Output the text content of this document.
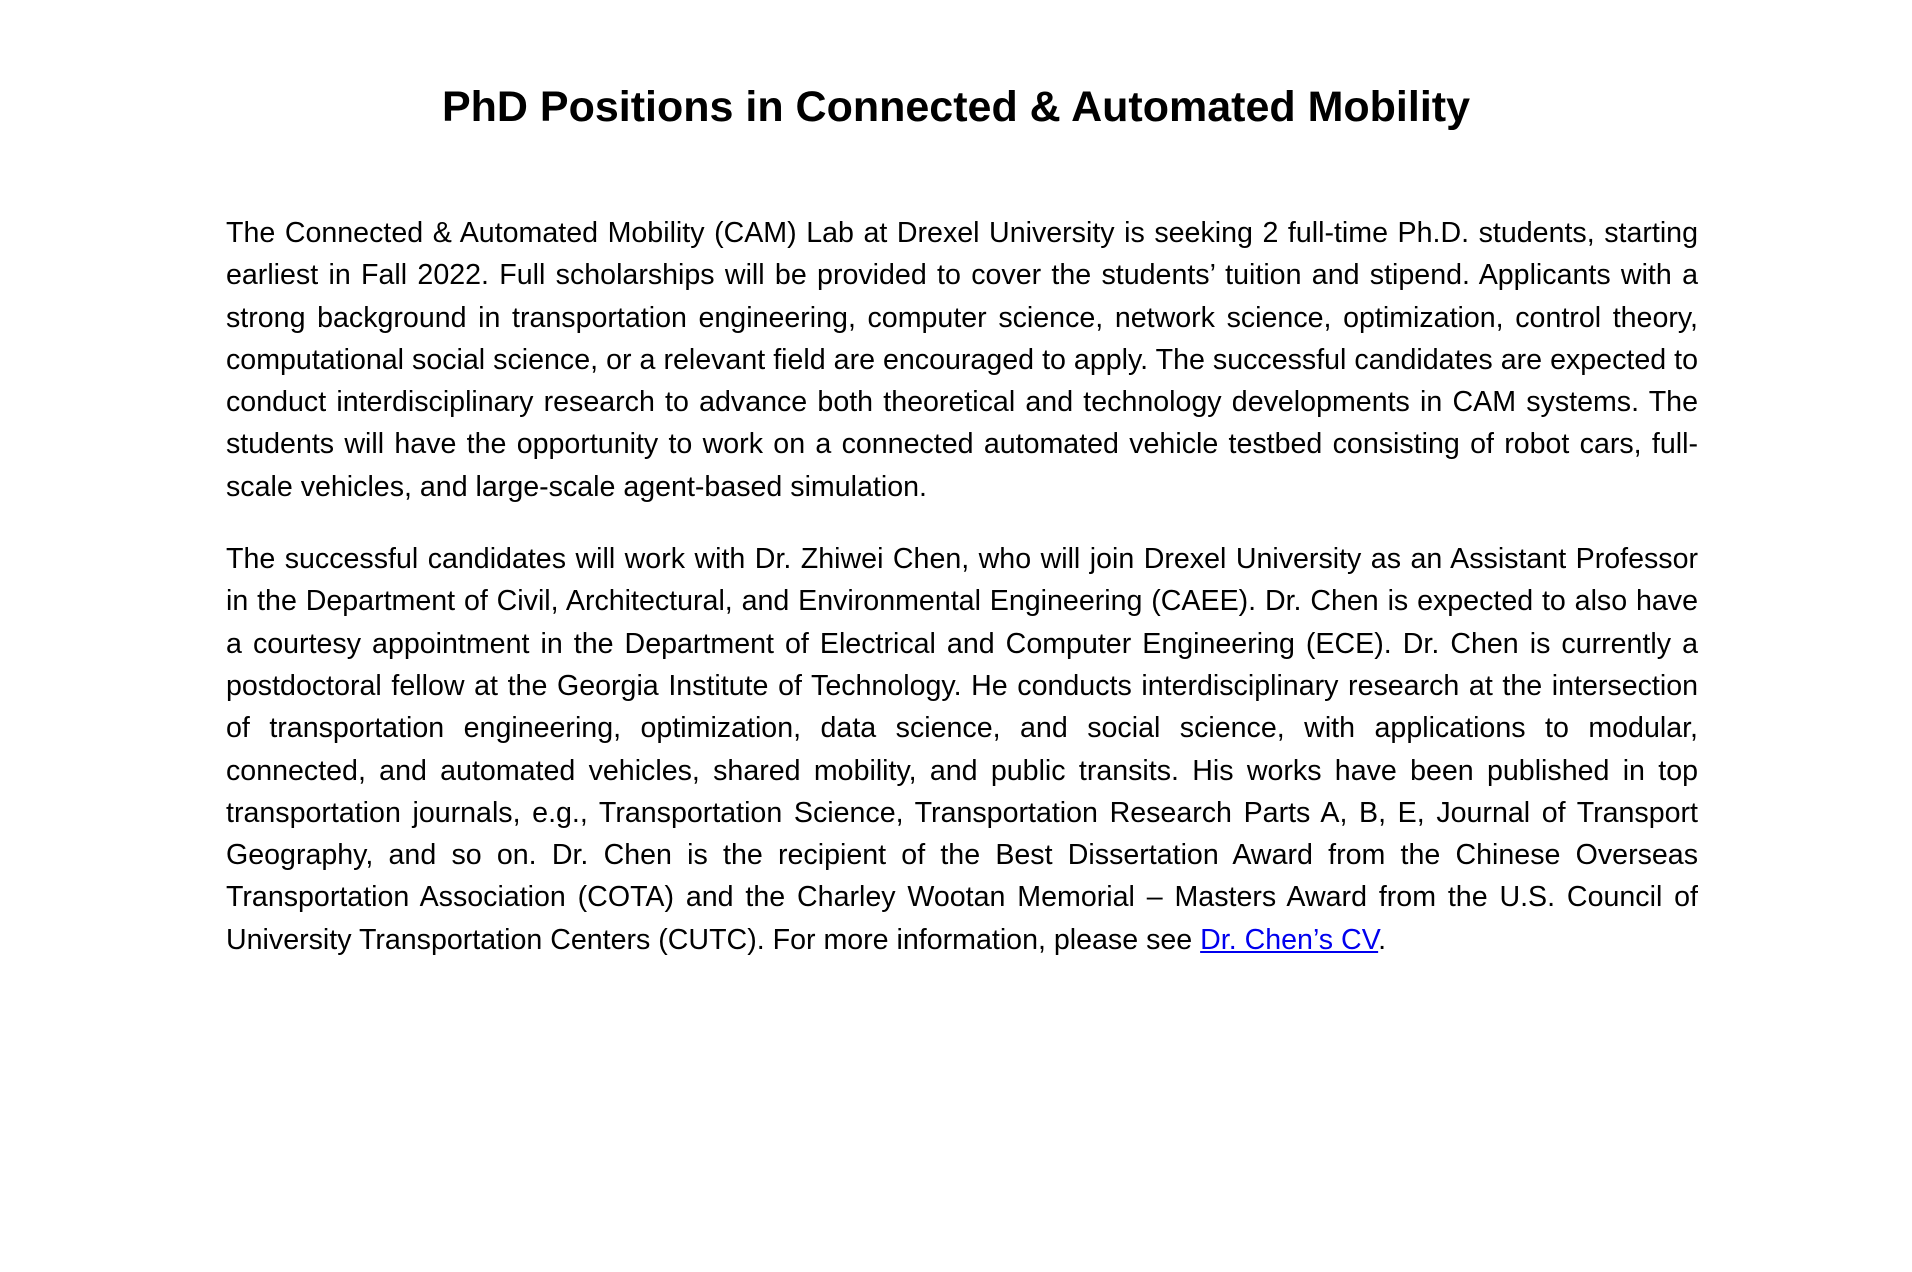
PhD Positions in Connected & Automated Mobility

The Connected & Automated Mobility (CAM) Lab at Drexel University is seeking 2 full-time Ph.D. students, starting earliest in Fall 2022. Full scholarships will be provided to cover the students’ tuition and stipend. Applicants with a strong background in transportation engineering, computer science, network science, optimization, control theory, computational social science, or a relevant field are encouraged to apply. The successful candidates are expected to conduct interdisciplinary research to advance both theoretical and technology developments in CAM systems. The students will have the opportunity to work on a connected automated vehicle testbed consisting of robot cars, full-scale vehicles, and large-scale agent-based simulation.

The successful candidates will work with Dr. Zhiwei Chen, who will join Drexel University as an Assistant Professor in the Department of Civil, Architectural, and Environmental Engineering (CAEE). Dr. Chen is expected to also have a courtesy appointment in the Department of Electrical and Computer Engineering (ECE). Dr. Chen is currently a postdoctoral fellow at the Georgia Institute of Technology. He conducts interdisciplinary research at the intersection of transportation engineering, optimization, data science, and social science, with applications to modular, connected, and automated vehicles, shared mobility, and public transits. His works have been published in top transportation journals, e.g., Transportation Science, Transportation Research Parts A, B, E, Journal of Transport Geography, and so on. Dr. Chen is the recipient of the Best Dissertation Award from the Chinese Overseas Transportation Association (COTA) and the Charley Wootan Memorial – Masters Award from the U.S. Council of University Transportation Centers (CUTC). For more information, please see Dr. Chen’s CV.
